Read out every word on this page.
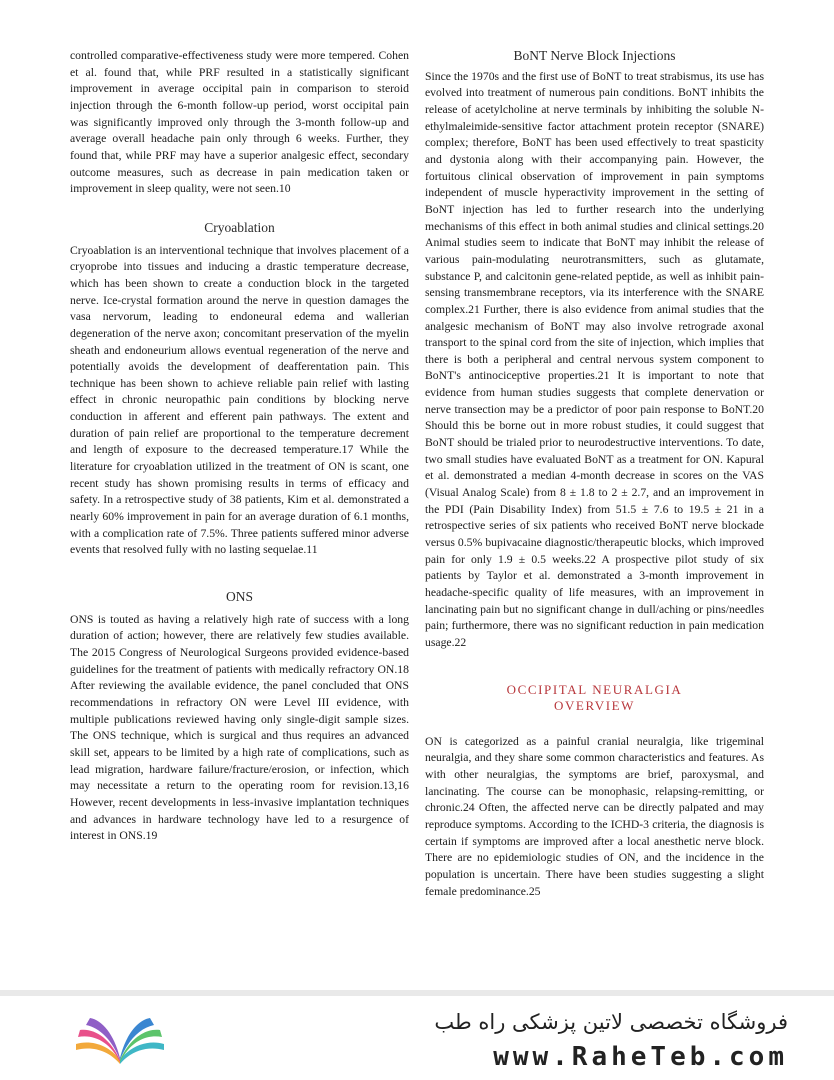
controlled comparative-effectiveness study were more tempered. Cohen et al. found that, while PRF resulted in a statistically significant improvement in average occipital pain in comparison to steroid injection through the 6-month follow-up period, worst occipital pain was significantly improved only through the 3-month follow-up and average overall headache pain only through 6 weeks. Further, they found that, while PRF may have a superior analgesic effect, secondary outcome measures, such as decrease in pain medication taken or improvement in sleep quality, were not seen.10

Cryoablation

Cryoablation is an interventional technique that involves placement of a cryoprobe into tissues and inducing a drastic temperature decrease, which has been shown to create a conduction block in the targeted nerve. Ice-crystal formation around the nerve in question damages the vasa nervorum, leading to endoneural edema and wallerian degeneration of the nerve axon; concomitant preservation of the myelin sheath and endoneurium allows eventual regeneration of the nerve and potentially avoids the development of deafferentation pain. This technique has been shown to achieve reliable pain relief with lasting effect in chronic neuropathic pain conditions by blocking nerve conduction in afferent and efferent pain pathways. The extent and duration of pain relief are proportional to the temperature decrement and length of exposure to the decreased temperature.17 While the literature for cryoablation utilized in the treatment of ON is scant, one recent study has shown promising results in terms of efficacy and safety. In a retrospective study of 38 patients, Kim et al. demonstrated a nearly 60% improvement in pain for an average duration of 6.1 months, with a complication rate of 7.5%. Three patients suffered minor adverse events that resolved fully with no lasting sequelae.11

ONS

ONS is touted as having a relatively high rate of success with a long duration of action; however, there are relatively few studies available. The 2015 Congress of Neurological Surgeons provided evidence-based guidelines for the treatment of patients with medically refractory ON.18 After reviewing the available evidence, the panel concluded that ONS recommendations in refractory ON were Level III evidence, with multiple publications reviewed having only single-digit sample sizes. The ONS technique, which is surgical and thus requires an advanced skill set, appears to be limited by a high rate of complications, such as lead migration, hardware failure/fracture/erosion, or infection, which may necessitate a return to the operating room for revision.13,16 However, recent developments in less-invasive implantation techniques and advances in hardware technology have led to a resurgence of interest in ONS.19

BoNT Nerve Block Injections

Since the 1970s and the first use of BoNT to treat strabismus, its use has evolved into treatment of numerous pain conditions. BoNT inhibits the release of acetylcholine at nerve terminals by inhibiting the soluble N-ethylmaleimide-sensitive factor attachment protein receptor (SNARE) complex; therefore, BoNT has been used effectively to treat spasticity and dystonia along with their accompanying pain. However, the fortuitous clinical observation of improvement in pain symptoms independent of muscle hyperactivity improvement in the setting of BoNT injection has led to further research into the underlying mechanisms of this effect in both animal studies and clinical settings.20 Animal studies seem to indicate that BoNT may inhibit the release of various pain-modulating neurotransmitters, such as glutamate, substance P, and calcitonin gene-related peptide, as well as inhibit pain-sensing transmembrane receptors, via its interference with the SNARE complex.21 Further, there is also evidence from animal studies that the analgesic mechanism of BoNT may also involve retrograde axonal transport to the spinal cord from the site of injection, which implies that there is both a peripheral and central nervous system component to BoNT's antinociceptive properties.21 It is important to note that evidence from human studies suggests that complete denervation or nerve transection may be a predictor of poor pain response to BoNT.20 Should this be borne out in more robust studies, it could suggest that BoNT should be trialed prior to neurodestructive interventions. To date, two small studies have evaluated BoNT as a treatment for ON. Kapural et al. demonstrated a median 4-month decrease in scores on the VAS (Visual Analog Scale) from 8 ± 1.8 to 2 ± 2.7, and an improvement in the PDI (Pain Disability Index) from 51.5 ± 7.6 to 19.5 ± 21 in a retrospective series of six patients who received BoNT nerve blockade versus 0.5% bupivacaine diagnostic/therapeutic blocks, which improved pain for only 1.9 ± 0.5 weeks.22 A prospective pilot study of six patients by Taylor et al. demonstrated a 3-month improvement in headache-specific quality of life measures, with an improvement in lancinating pain but no significant change in dull/aching or pins/needles pain; furthermore, there was no significant reduction in pain medication usage.22

OCCIPITAL NEURALGIA
OVERVIEW

ON is categorized as a painful cranial neuralgia, like trigeminal neuralgia, and they share some common characteristics and features. As with other neuralgias, the symptoms are brief, paroxysmal, and lancinating. The course can be monophasic, relapsing-remitting, or chronic.24 Often, the affected nerve can be directly palpated and may reproduce symptoms. According to the ICHD-3 criteria, the diagnosis is certain if symptoms are improved after a local anesthetic nerve block. There are no epidemiologic studies of ON, and the incidence in the population is uncertain. There have been studies suggesting a slight female predominance.25

فروشگاه تخصصی لاتین پزشکی راه طب
www.RaheTeb.com
